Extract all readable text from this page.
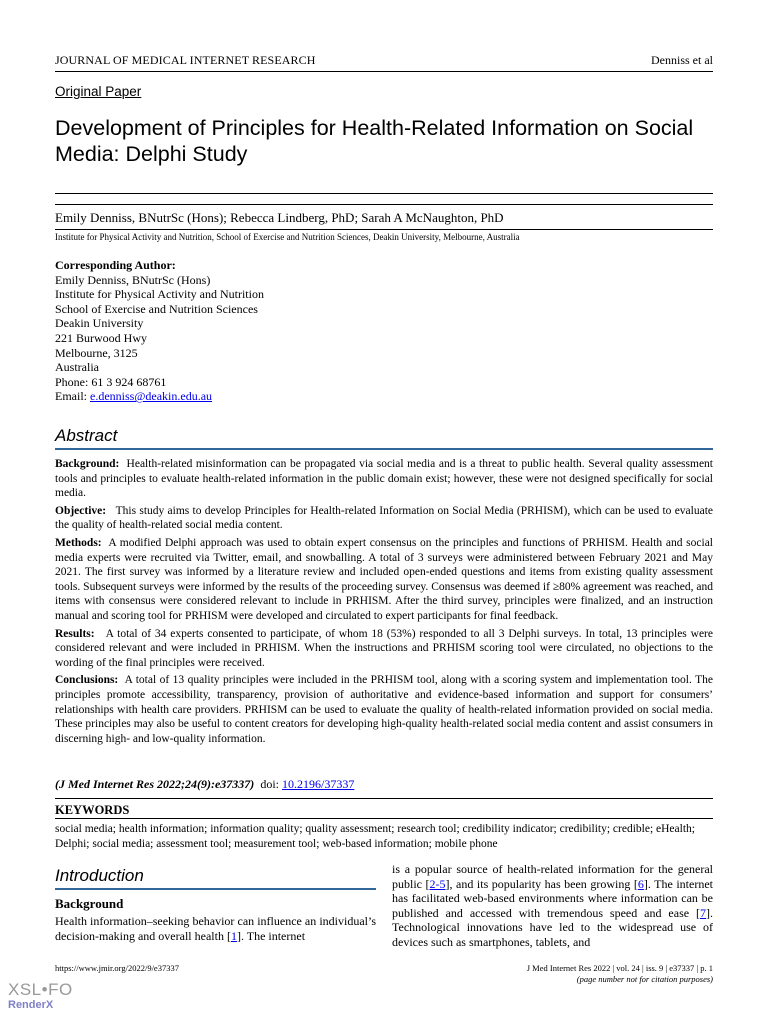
JOURNAL OF MEDICAL INTERNET RESEARCH	Denniss et al
Original Paper
Development of Principles for Health-Related Information on Social Media: Delphi Study
Emily Denniss, BNutrSc (Hons); Rebecca Lindberg, PhD; Sarah A McNaughton, PhD
Institute for Physical Activity and Nutrition, School of Exercise and Nutrition Sciences, Deakin University, Melbourne, Australia
Corresponding Author:
Emily Denniss, BNutrSc (Hons)
Institute for Physical Activity and Nutrition
School of Exercise and Nutrition Sciences
Deakin University
221 Burwood Hwy
Melbourne, 3125
Australia
Phone: 61 3 924 68761
Email: e.denniss@deakin.edu.au
Abstract

Background: Health-related misinformation can be propagated via social media and is a threat to public health. Several quality assessment tools and principles to evaluate health-related information in the public domain exist; however, these were not designed specifically for social media.

Objective: This study aims to develop Principles for Health-related Information on Social Media (PRHISM), which can be used to evaluate the quality of health-related social media content.

Methods: A modified Delphi approach was used to obtain expert consensus on the principles and functions of PRHISM. Health and social media experts were recruited via Twitter, email, and snowballing. A total of 3 surveys were administered between February 2021 and May 2021. The first survey was informed by a literature review and included open-ended questions and items from existing quality assessment tools. Subsequent surveys were informed by the results of the proceeding survey. Consensus was deemed if ≥80% agreement was reached, and items with consensus were considered relevant to include in PRHISM. After the third survey, principles were finalized, and an instruction manual and scoring tool for PRHISM were developed and circulated to expert participants for final feedback.

Results: A total of 34 experts consented to participate, of whom 18 (53%) responded to all 3 Delphi surveys. In total, 13 principles were considered relevant and were included in PRHISM. When the instructions and PRHISM scoring tool were circulated, no objections to the wording of the final principles were received.

Conclusions: A total of 13 quality principles were included in the PRHISM tool, along with a scoring system and implementation tool. The principles promote accessibility, transparency, provision of authoritative and evidence-based information and support for consumers’ relationships with health care providers. PRHISM can be used to evaluate the quality of health-related information provided on social media. These principles may also be useful to content creators for developing high-quality health-related social media content and assist consumers in discerning high- and low-quality information.

(J Med Internet Res 2022;24(9):e37337) doi: 10.2196/37337
KEYWORDS
social media; health information; information quality; quality assessment; research tool; credibility indicator; credibility; credible; eHealth; Delphi; social media; assessment tool; measurement tool; web-based information; mobile phone
Introduction
Background
Health information–seeking behavior can influence an individual’s decision-making and overall health [1]. The internet
is a popular source of health-related information for the general public [2-5], and its popularity has been growing [6]. The internet has facilitated web-based environments where information can be published and accessed with tremendous speed and ease [7]. Technological innovations have led to the widespread use of devices such as smartphones, tablets, and
https://www.jmir.org/2022/9/e37337	J Med Internet Res 2022 | vol. 24 | iss. 9 | e37337 | p. 1
(page number not for citation purposes)
XSL•FO
RenderX
